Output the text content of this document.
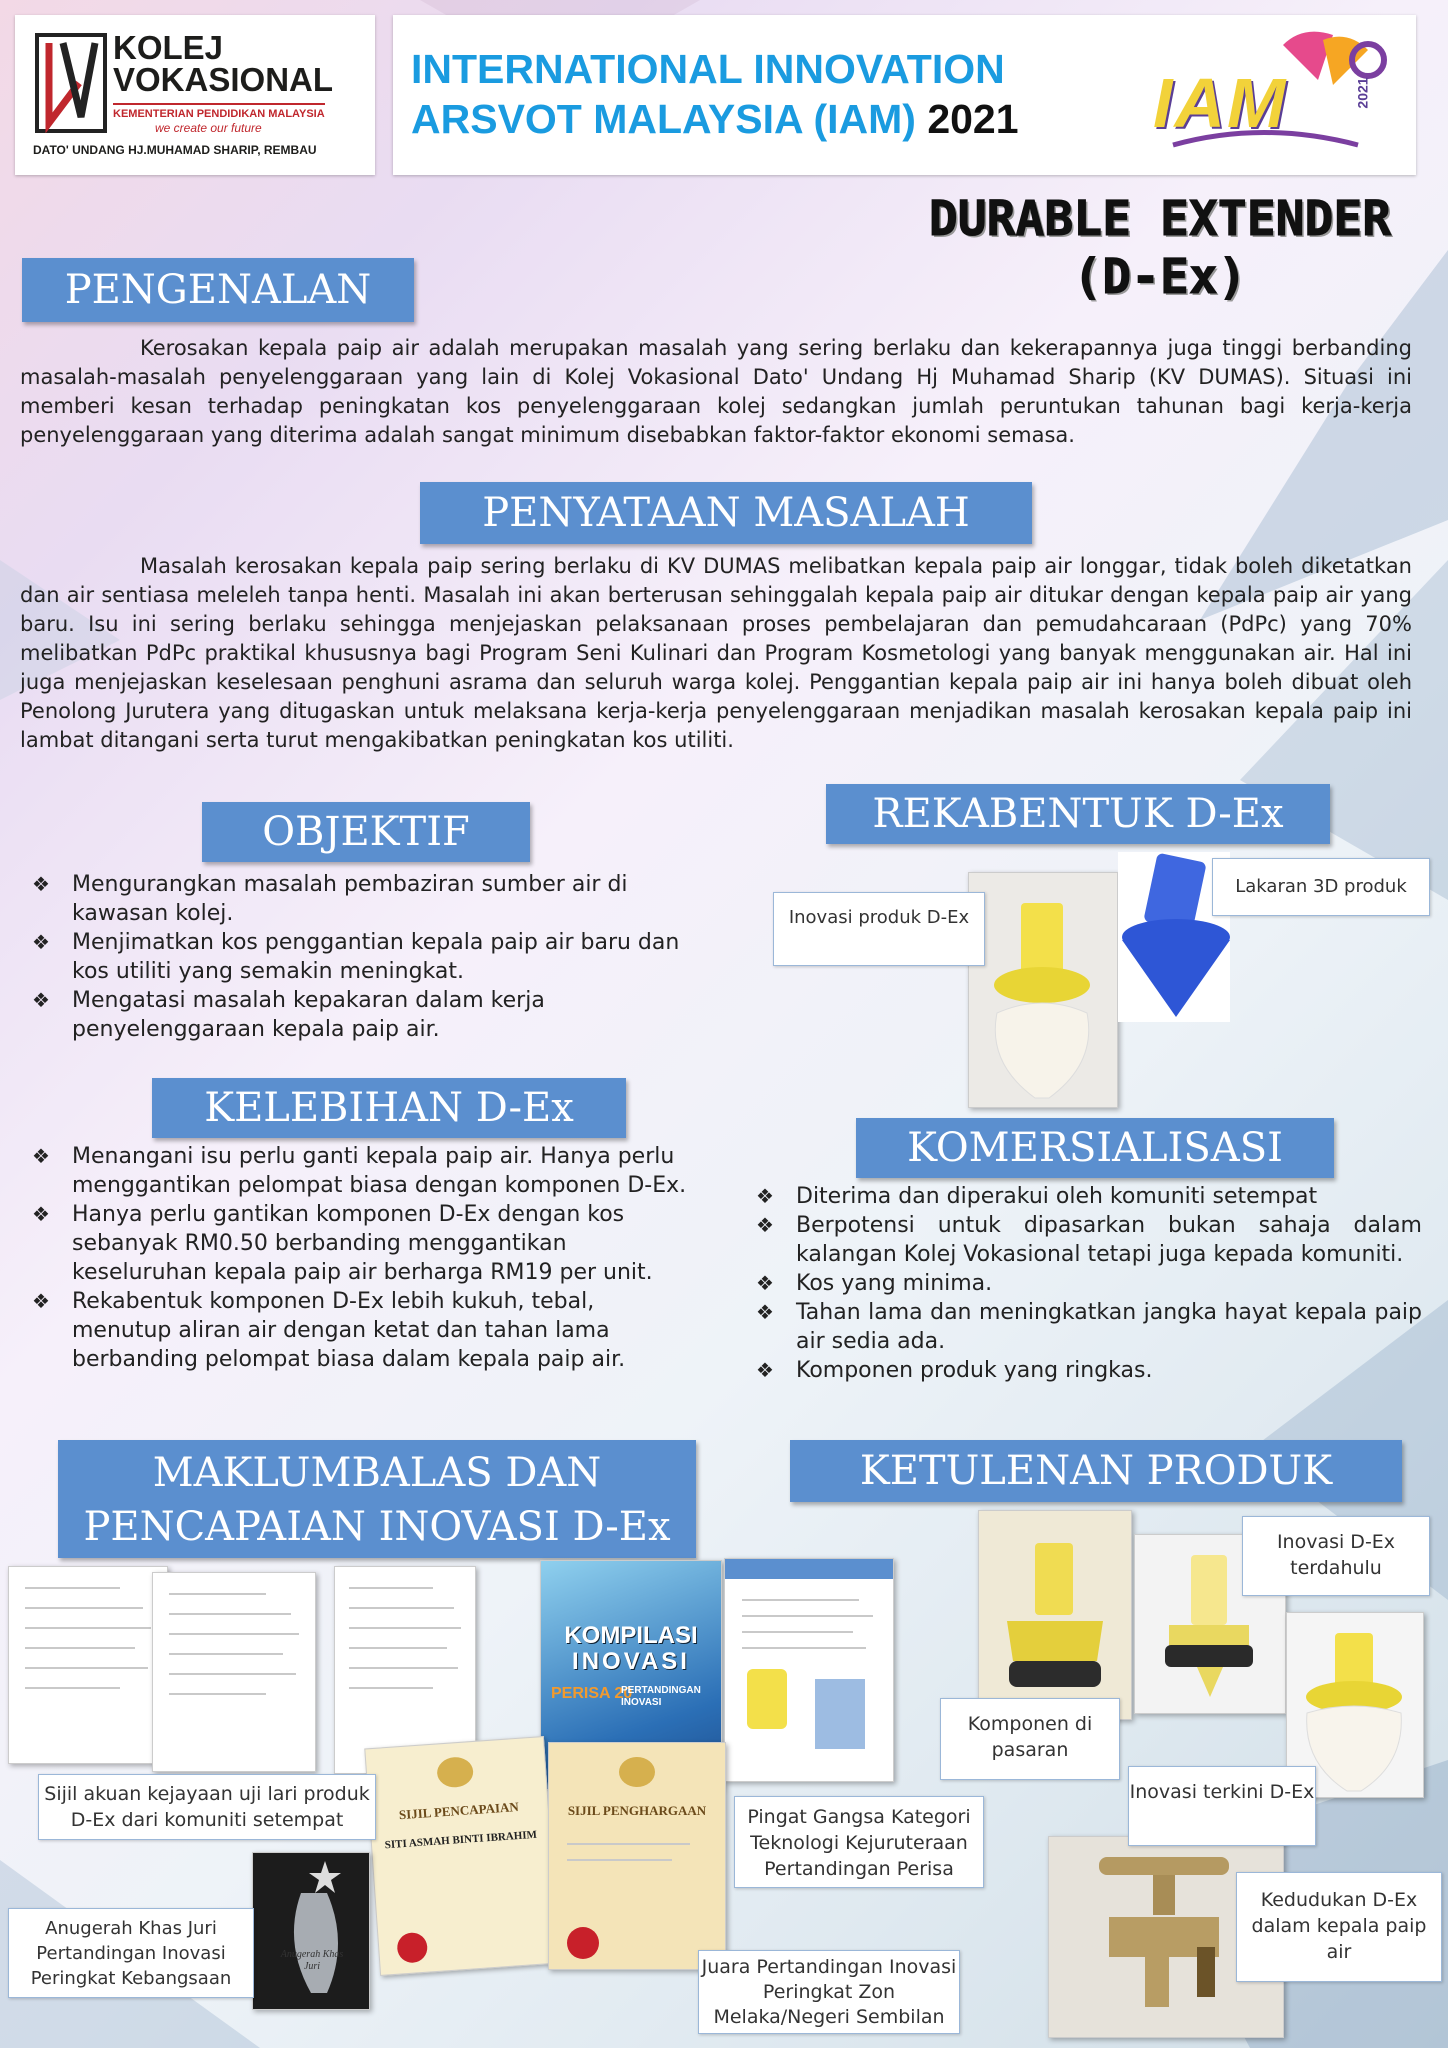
KOLEJ
VOKASIONAL
KEMENTERIAN PENDIDIKAN MALAYSIA
we create our future
DATO' UNDANG HJ.MUHAMAD SHARIP, REMBAU
INTERNATIONAL INNOVATION
ARSVOT MALAYSIA (IAM) 2021 IAM	2021
DURABLE EXTENDER
(D-Ex)
PENGENALAN
Kerosakan kepala paip air adalah merupakan masalah yang sering berlaku dan kekerapannya juga tinggi berbanding masalah-masalah penyelenggaraan yang lain di Kolej Vokasional Dato' Undang Hj Muhamad Sharip (KV DUMAS). Situasi ini memberi kesan terhadap peningkatan kos penyelenggaraan kolej sedangkan jumlah peruntukan tahunan bagi kerja-kerja penyelenggaraan yang diterima adalah sangat minimum disebabkan faktor-faktor ekonomi semasa.
PENYATAAN MASALAH
Masalah kerosakan kepala paip sering berlaku di KV DUMAS melibatkan kepala paip air longgar, tidak boleh diketatkan dan air sentiasa meleleh tanpa henti. Masalah ini akan berterusan sehinggalah kepala paip air ditukar dengan kepala paip air yang baru. Isu ini sering berlaku sehingga menjejaskan pelaksanaan proses pembelajaran dan pemudahcaraan (PdPc) yang 70% melibatkan PdPc praktikal khususnya bagi Program Seni Kulinari dan Program Kosmetologi yang banyak menggunakan air. Hal ini juga menjejaskan keselesaan penghuni asrama dan seluruh warga kolej. Penggantian kepala paip air ini hanya boleh dibuat oleh Penolong Jurutera yang ditugaskan untuk melaksana kerja-kerja penyelenggaraan menjadikan masalah kerosakan kepala paip ini lambat ditangani serta turut mengakibatkan peningkatan kos utiliti.
OBJEKTIF
❖ Mengurangkan masalah pembaziran sumber air di kawasan kolej.
❖ Menjimatkan kos penggantian kepala paip air baru dan kos utiliti yang semakin meningkat.
❖ Mengatasi masalah kepakaran dalam kerja penyelenggaraan kepala paip air.
REKABENTUK D-Ex
Inovasi produk D-Ex
Lakaran 3D produk
KELEBIHAN D-Ex
❖ Menangani isu perlu ganti kepala paip air. Hanya perlu menggantikan pelompat biasa dengan komponen D-Ex.
❖ Hanya perlu gantikan komponen D-Ex dengan kos sebanyak RM0.50 berbanding menggantikan keseluruhan kepala paip air berharga RM19 per unit.
❖ Rekabentuk komponen D-Ex lebih kukuh, tebal, menutup aliran air dengan ketat dan tahan lama berbanding pelompat biasa dalam kepala paip air.
KOMERSIALISASI
❖ Diterima dan diperakui oleh komuniti setempat
❖ Berpotensi untuk dipasarkan bukan sahaja dalam kalangan Kolej Vokasional tetapi juga kepada komuniti.
❖ Kos yang minima.
❖ Tahan lama dan meningkatkan jangka hayat kepala paip air sedia ada.
❖ Komponen produk yang ringkas.
MAKLUMBALAS DAN
PENCAPAIAN INOVASI D-Ex
KOMPILASI
INOVASI
PERISA 20
PERTANDINGAN INOVASI
SIJIL PENCAPAIAN
SITI ASMAH BINTI IBRAHIM
SIJIL PENGHARGAAN
Anugerah Khas Juri
Sijil akuan kejayaan uji lari produk D-Ex dari komuniti setempat
Anugerah Khas Juri Pertandingan Inovasi Peringkat Kebangsaan
Pingat Gangsa Kategori Teknologi Kejuruteraan Pertandingan Perisa
Juara Pertandingan Inovasi Peringkat Zon Melaka/Negeri Sembilan
KETULENAN PRODUK
Inovasi D-Ex terdahulu
Komponen di pasaran
Inovasi terkini D-Ex
Kedudukan D-Ex dalam kepala paip air
